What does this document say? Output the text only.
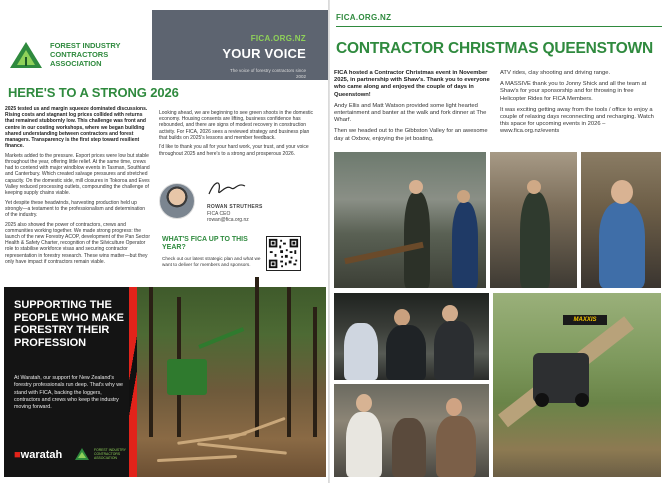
FOREST INDUSTRY CONTRACTORS ASSOCIATION
FICA.ORG.NZ
YOUR VOICE
The voice of forestry contractors since 2002
HERE'S TO A STRONG 2026

2025 tested us and margin squeeze dominated discussions. Rising costs and stagnant log prices collided with returns that remained stubbornly low. This challenge was front and centre in our costing workshops, where we began building shared understanding between contractors and forest managers. Transparency is the first step toward resilient finance.

Markets added to the pressure. Export prices were low but stable throughout the year, offering little relief. At the same time, crews had to contend with major windblow events in Tasman, Southland and Canterbury. Which created salvage pressures and stretched capacity. On the domestic side, mill closures in Tokoroa and Eves Valley reduced processing outlets, compounding the challenge of keeping supply chains viable.

Yet despite these headwinds, harvesting production held up strongly—a testament to the professionalism and determination of the industry.

2025 also showed the power of contractors, crews and communities working together. We made strong progress: the launch of the new Forestry ACOP, development of the Pan Sector Health & Safety Charter, recognition of the Silviculture Operator role to stabilise workforce visas and securing contractor representation in forestry research. These wins matter—but they only have impact if contractors remain viable.

Looking ahead, we are beginning to see green shoots in the domestic economy. Housing consents are lifting, business confidence has rebounded, and there are signs of modest recovery in construction activity. For FICA, 2026 sees a reviewed strategy and business plan that builds on 2025's lessons and member feedback.

I'd like to thank you all for your hard work, your trust, and your voice throughout 2025 and here's to a strong and prosperous 2026.

ROWAN STRUTHERS
FICA CEO
rowan@fica.org.nz
WHAT'S FICA UP TO THIS YEAR?
Check out our latest strategic plan and what we want to deliver for members and sponsors.
SUPPORTING THE PEOPLE WHO MAKE FORESTRY THEIR PROFESSION
At Waratah, our support for New Zealand's forestry professionals run deep. That's why we stand with FICA, backing the loggers, contractors and crews who keep the industry moving forward.
■waratah	FOREST INDUSTRY CONTRACTORS ASSOCIATION
FICA.ORG.NZ
CONTRACTOR CHRISTMAS QUEENSTOWN

FICA hosted a Contractor Christmas event in November 2025, in partnership with Shaw's. Thank you to everyone who came along and enjoyed the couple of days in Queenstown!

Andy Ellis and Matt Watson provided some light hearted entertainment and banter at the walk and fork dinner at The Wharf.

Then we headed out to the Gibbston Valley for an awesome day at Oxbow, enjoying the jet boating,

ATV rides, clay shooting and driving range.

A MASSIVE thank you to Jonny Shick and all the team at Shaw's for your sponsorship and for throwing in free Helicopter Rides for FICA Members.

It was exciting getting away from the tools / office to enjoy a couple of relaxing days reconnecting and recharging. Watch this space for upcoming events in 2026 – www.fica.org.nz/events

MAXXIS
